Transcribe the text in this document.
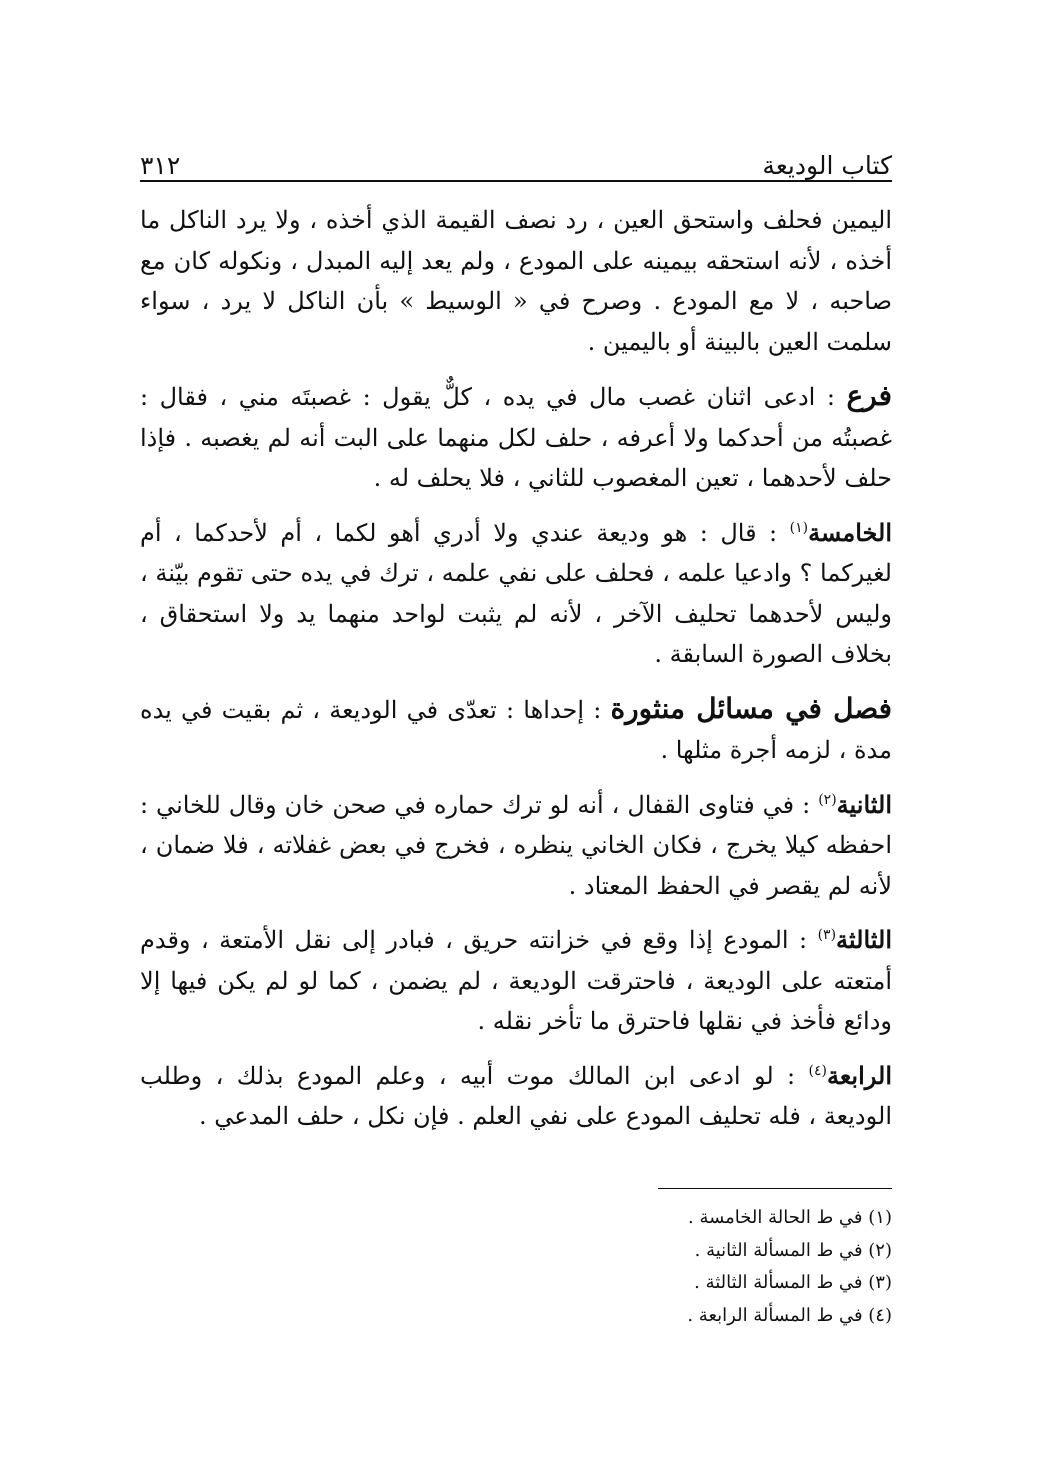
كتاب الوديعة
٣١٢

اليمين فحلف واستحق العين ، رد نصف القيمة الذي أخذه ، ولا يرد الناكل ما أخذه ، لأنه استحقه بيمينه على المودع ، ولم يعد إليه المبدل ، ونكوله كان مع صاحبه ، لا مع المودع . وصرح في « الوسيط » بأن الناكل لا يرد ، سواء سلمت العين بالبينة أو باليمين .

فرع : ادعى اثنان غصب مال في يده ، كلٌّ يقول : غصبتَه مني ، فقال : غصبتُه من أحدكما ولا أعرفه ، حلف لكل منهما على البت أنه لم يغصبه . فإذا حلف لأحدهما ، تعين المغصوب للثاني ، فلا يحلف له .

الخامسة$^{(١)}$ : قال : هو وديعة عندي ولا أدري أهو لكما ، أم لأحدكما ، أم لغيركما ؟ وادعيا علمه ، فحلف على نفي علمه ، ترك في يده حتى تقوم بيّنة ، وليس لأحدهما تحليف الآخر ، لأنه لم يثبت لواحد منهما يد ولا استحقاق ، بخلاف الصورة السابقة .

فصل في مسائل منثورة : إحداها : تعدّى في الوديعة ، ثم بقيت في يده مدة ، لزمه أجرة مثلها .

الثانية$^{(٢)}$ : في فتاوى القفال ، أنه لو ترك حماره في صحن خان وقال للخاني : احفظه كيلا يخرج ، فكان الخاني ينظره ، فخرج في بعض غفلاته ، فلا ضمان ، لأنه لم يقصر في الحفظ المعتاد .

الثالثة$^{(٣)}$ : المودع إذا وقع في خزانته حريق ، فبادر إلى نقل الأمتعة ، وقدم أمتعته على الوديعة ، فاحترقت الوديعة ، لم يضمن ، كما لو لم يكن فيها إلا ودائع فأخذ في نقلها فاحترق ما تأخر نقله .

الرابعة$^{(٤)}$ : لو ادعى ابن المالك موت أبيه ، وعلم المودع بذلك ، وطلب الوديعة ، فله تحليف المودع على نفي العلم . فإن نكل ، حلف المدعي .

(١) في ط الحالة الخامسة .

(٢) في ط المسألة الثانية .

(٣) في ط المسألة الثالثة .

(٤) في ط المسألة الرابعة .
